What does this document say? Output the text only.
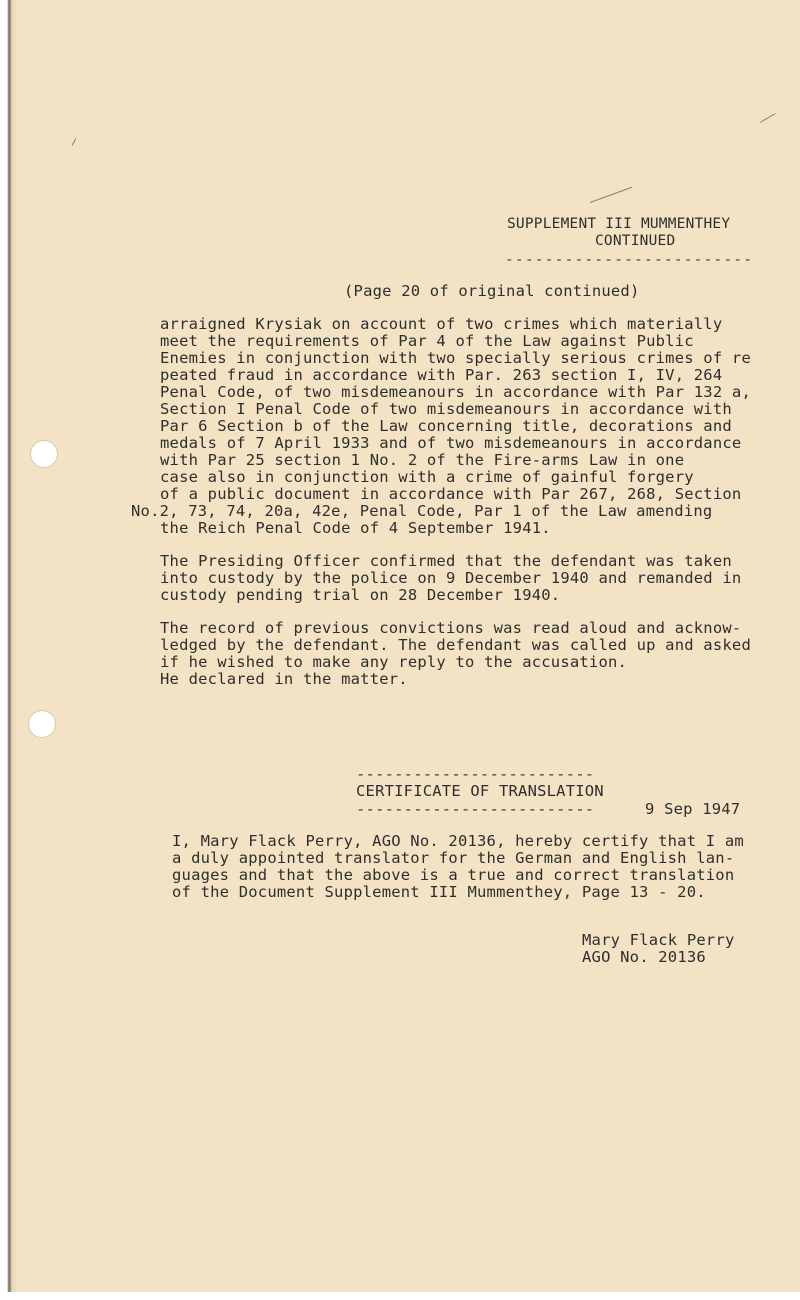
SUPPLEMENT III MUMMENTHEY
CONTINUED
-------------------------
(Page 20 of original continued)
arraigned Krysiak on account of two crimes which materially
meet the requirements of Par 4 of the Law against Public
Enemies in conjunction with two specially serious crimes of re
peated fraud in accordance with Par. 263 section I, IV, 264
Penal Code, of two misdemeanours in accordance with Par 132 a,
Section I Penal Code of two misdemeanours in accordance with
Par 6 Section b of the Law concerning title, decorations and
medals of 7 April 1933 and of two misdemeanours in accordance
with Par 25 section 1 No. 2 of the Fire-arms Law in one
case also in conjunction with a crime of gainful forgery
of a public document in accordance with Par 267, 268, Section
No.2, 73, 74, 20a, 42e, Penal Code, Par 1 of the Law amending
the Reich Penal Code of 4 September 1941.
The Presiding Officer confirmed that the defendant was taken
into custody by the police on 9 December 1940 and remanded in
custody pending trial on 28 December 1940.
The record of previous convictions was read aloud and acknow-
ledged by the defendant. The defendant was called up and asked
if he wished to make any reply to the accusation.
He declared in the matter.
-------------------------
CERTIFICATE OF TRANSLATION
-------------------------	9 Sep 1947
I, Mary Flack Perry, AGO No. 20136, hereby certify that I am
a duly appointed translator for the German and English lan-
guages and that the above is a true and correct translation
of the Document Supplement III Mummenthey, Page 13 - 20.
Mary Flack Perry
AGO No. 20136
